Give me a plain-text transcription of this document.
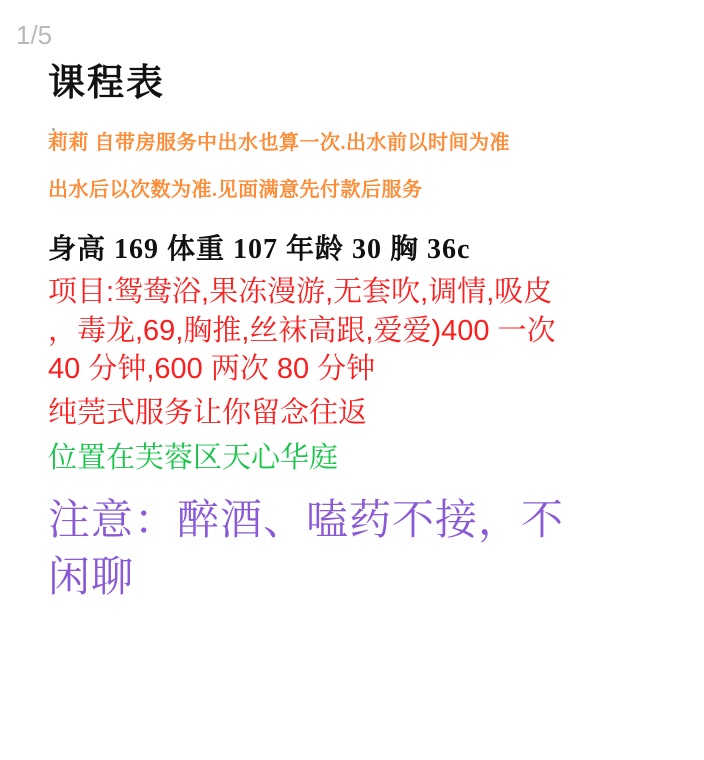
1/5
课程表
莉莉 自带房服务中出水也算一次.出水前以时间为准
出水后以次数为准.见面满意先付款后服务
身高 169 体重 107 年龄 30 胸 36c
项目:鸳鸯浴,果冻漫游,无套吹,调情,吸皮
，毒龙,69,胸推,丝袜高跟,爱爱)400 一次
40 分钟,600 两次 80 分钟
纯莞式服务让你留念往返
位置在芙蓉区天心华庭
注意：醉酒、嗑药不接，不
闲聊
